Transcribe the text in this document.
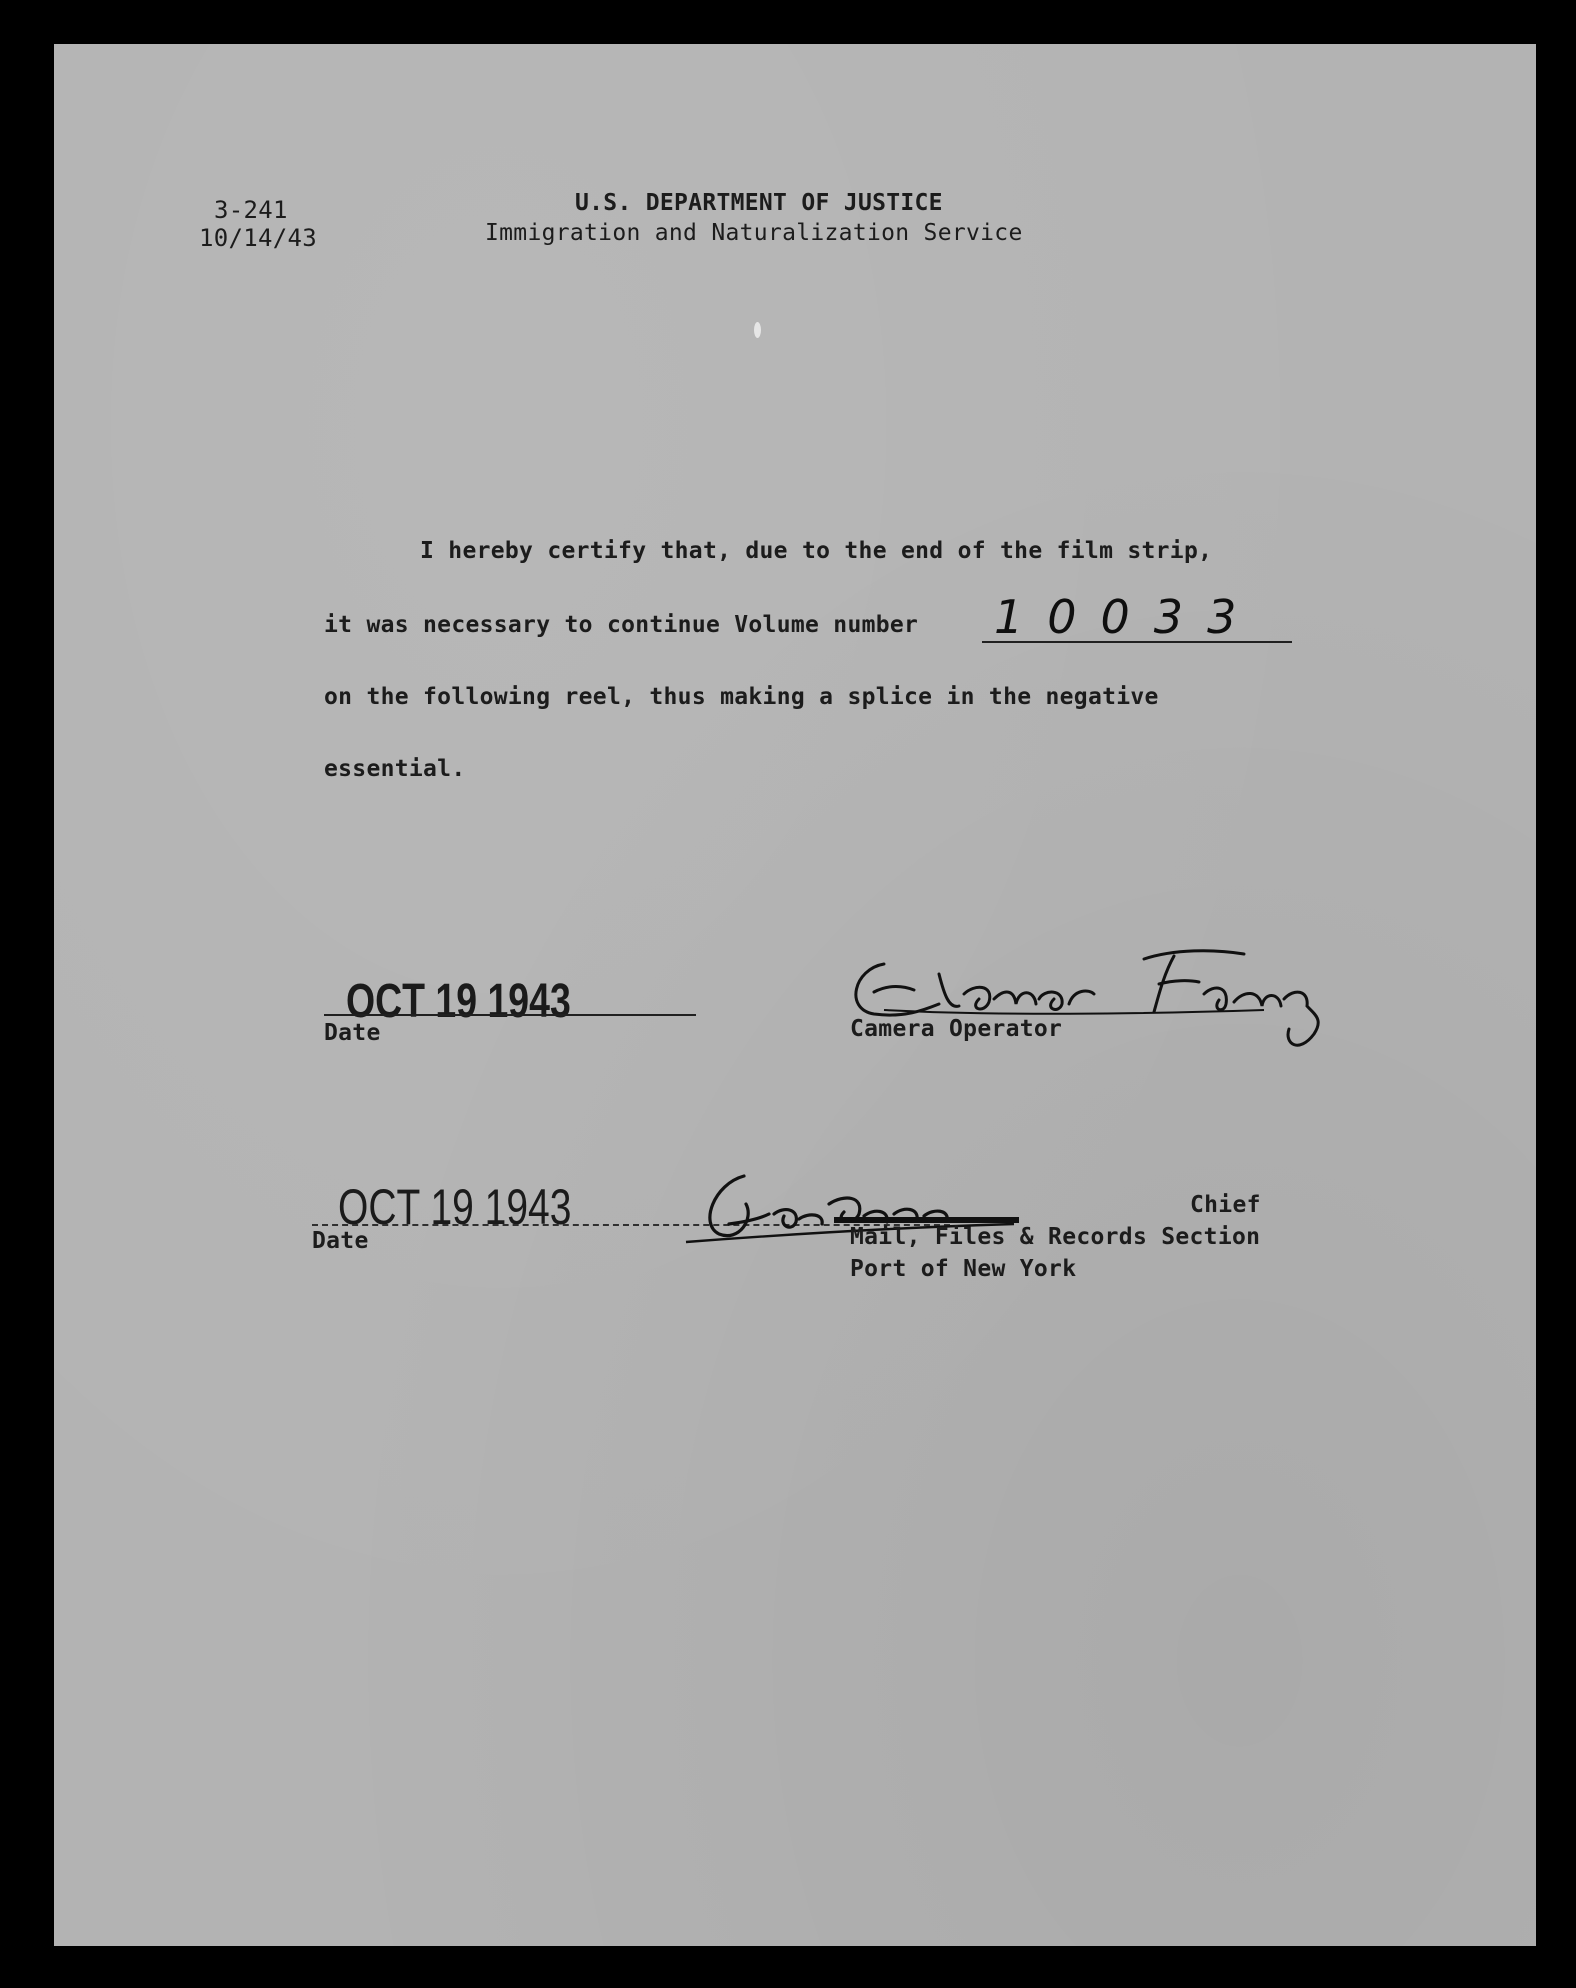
3-241
10/14/43
U.S. DEPARTMENT OF JUSTICE
Immigration and Naturalization Service
I hereby certify that, due to the end of the film strip,
it was necessary to continue Volume number 10033
on the following reel, thus making a splice in the negative
essential.
OCT 19 1943
Date	Camera Operator
OCT 19 1943
Date
Chief
Mail, Files & Records Section
Port of New York
